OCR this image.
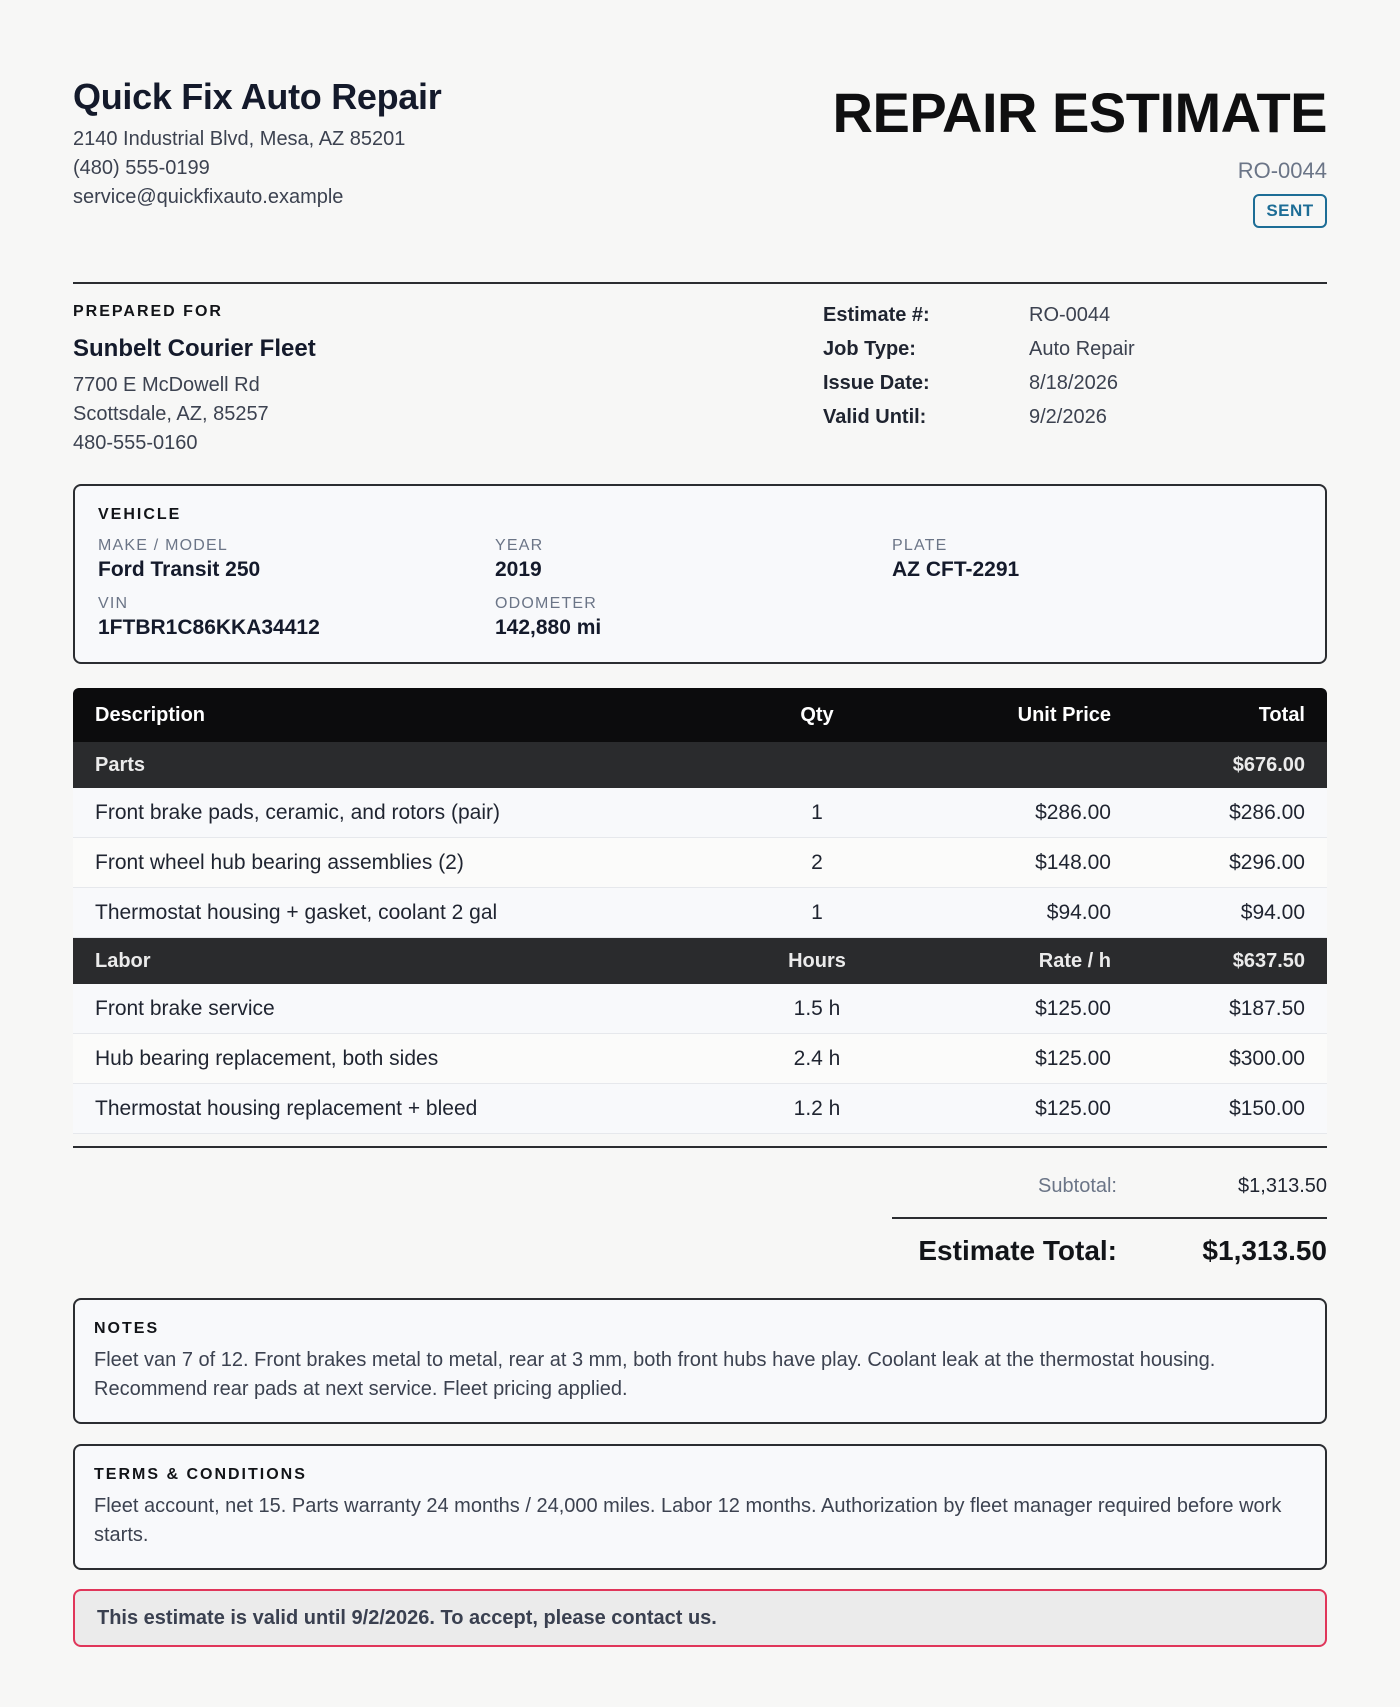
Quick Fix Auto Repair
2140 Industrial Blvd, Mesa, AZ 85201
(480) 555-0199
service@quickfixauto.example
REPAIR ESTIMATE
RO-0044
SENT
PREPARED FOR
Sunbelt Courier Fleet
7700 E McDowell Rd
Scottsdale, AZ, 85257
480-555-0160
Estimate #:	RO-0044
Job Type:	Auto Repair
Issue Date:	8/18/2026
Valid Until:	9/2/2026
VEHICLE
MAKE / MODEL
Ford Transit 250
YEAR
2019
PLATE
AZ CFT-2291
VIN
1FTBR1C86KKA34412
ODOMETER
142,880 mi
Description	Qty	Unit Price	Total
Parts			$676.00
Front brake pads, ceramic, and rotors (pair)	1	$286.00	$286.00
Front wheel hub bearing assemblies (2)	2	$148.00	$296.00
Thermostat housing + gasket, coolant 2 gal	1	$94.00	$94.00
Labor	Hours	Rate / h	$637.50
Front brake service	1.5 h	$125.00	$187.50
Hub bearing replacement, both sides	2.4 h	$125.00	$300.00
Thermostat housing replacement + bleed	1.2 h	$125.00	$150.00
Subtotal:	$1,313.50
Estimate Total:	$1,313.50
NOTES
Fleet van 7 of 12. Front brakes metal to metal, rear at 3 mm, both front hubs have play. Coolant leak at the thermostat housing. Recommend rear pads at next service. Fleet pricing applied.
TERMS & CONDITIONS
Fleet account, net 15. Parts warranty 24 months / 24,000 miles. Labor 12 months. Authorization by fleet manager required before work starts.
This estimate is valid until 9/2/2026. To accept, please contact us.
